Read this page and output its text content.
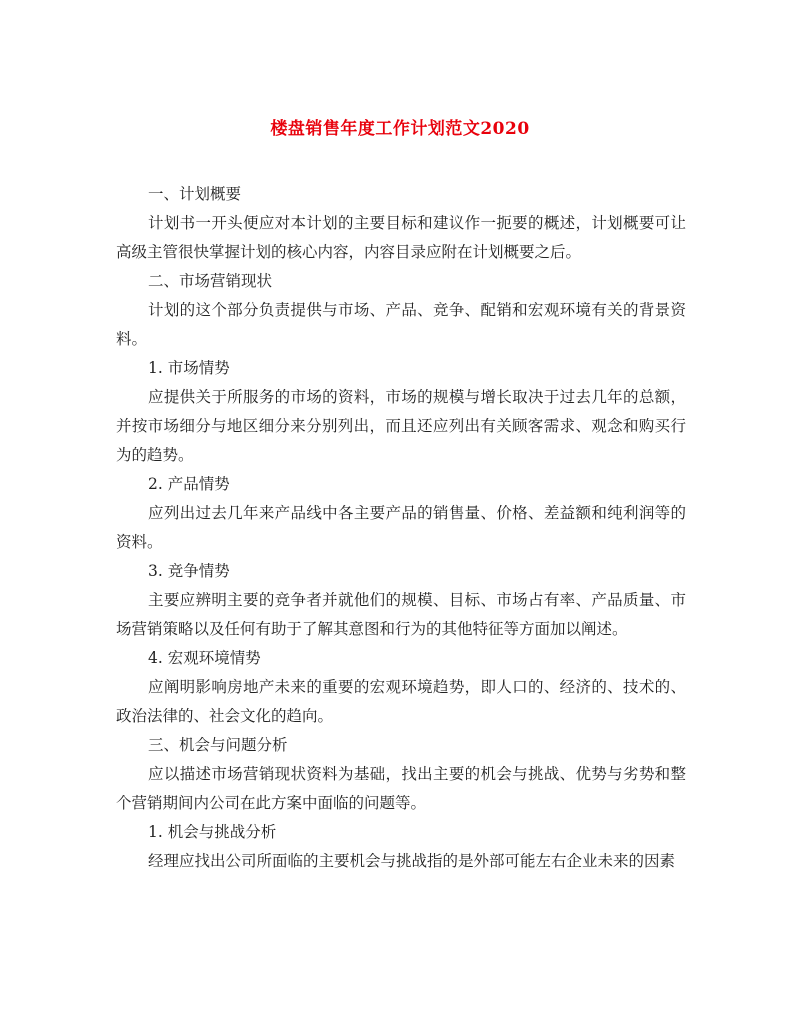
楼盘销售年度工作计划范文2020

一、计划概要

计划书一开头便应对本计划的主要目标和建议作一扼要的概述，计划概要可让高级主管很快掌握计划的核心内容，内容目录应附在计划概要之后。

二、市场营销现状

计划的这个部分负责提供与市场、产品、竞争、配销和宏观环境有关的背景资料。

1. 市场情势

应提供关于所服务的市场的资料，市场的规模与增长取决于过去几年的总额，并按市场细分与地区细分来分别列出，而且还应列出有关顾客需求、观念和购买行为的趋势。

2. 产品情势

应列出过去几年来产品线中各主要产品的销售量、价格、差益额和纯利润等的资料。

3. 竞争情势

主要应辨明主要的竞争者并就他们的规模、目标、市场占有率、产品质量、市场营销策略以及任何有助于了解其意图和行为的其他特征等方面加以阐述。

4. 宏观环境情势

应阐明影响房地产未来的重要的宏观环境趋势，即人口的、经济的、技术的、政治法律的、社会文化的趋向。

三、机会与问题分析

应以描述市场营销现状资料为基础，找出主要的机会与挑战、优势与劣势和整个营销期间内公司在此方案中面临的问题等。

1. 机会与挑战分析

经理应找出公司所面临的主要机会与挑战指的是外部可能左右企业未来的因素
